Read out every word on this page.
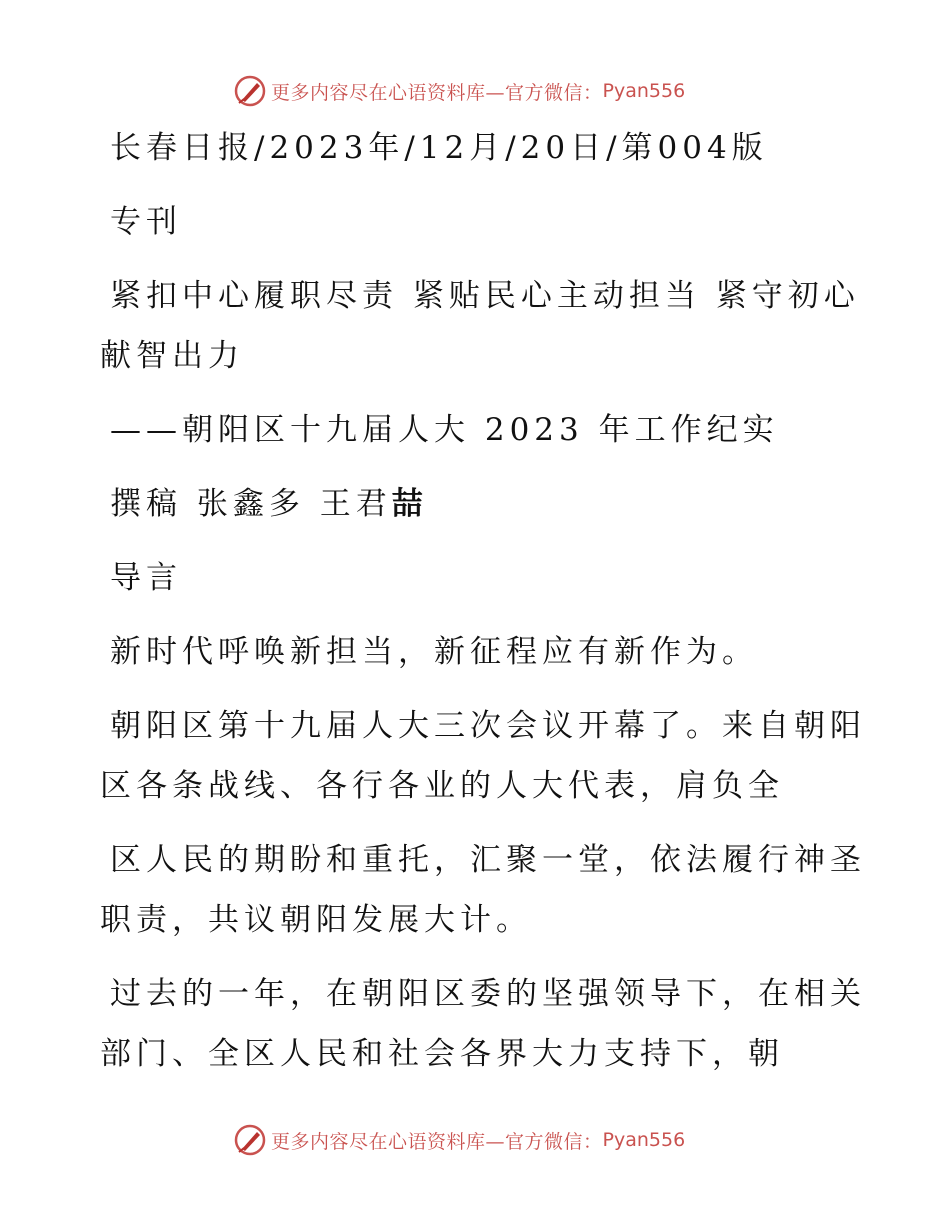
更多内容尽在心语资料库—官方微信： Pyan556

长春日报/2023年/12月/20日/第004版

专刊

紧扣中心履职尽责 紧贴民心主动担当 紧守初心

献智出力

——朝阳区十九届人大 2023 年工作纪实

撰稿 张鑫多 王君喆

导言

新时代呼唤新担当，新征程应有新作为。

朝阳区第十九届人大三次会议开幕了。来自朝阳

区各条战线、各行各业的人大代表，肩负全

区人民的期盼和重托，汇聚一堂，依法履行神圣

职责，共议朝阳发展大计。

过去的一年，在朝阳区委的坚强领导下，在相关

部门、全区人民和社会各界大力支持下，朝

更多内容尽在心语资料库—官方微信： Pyan556
